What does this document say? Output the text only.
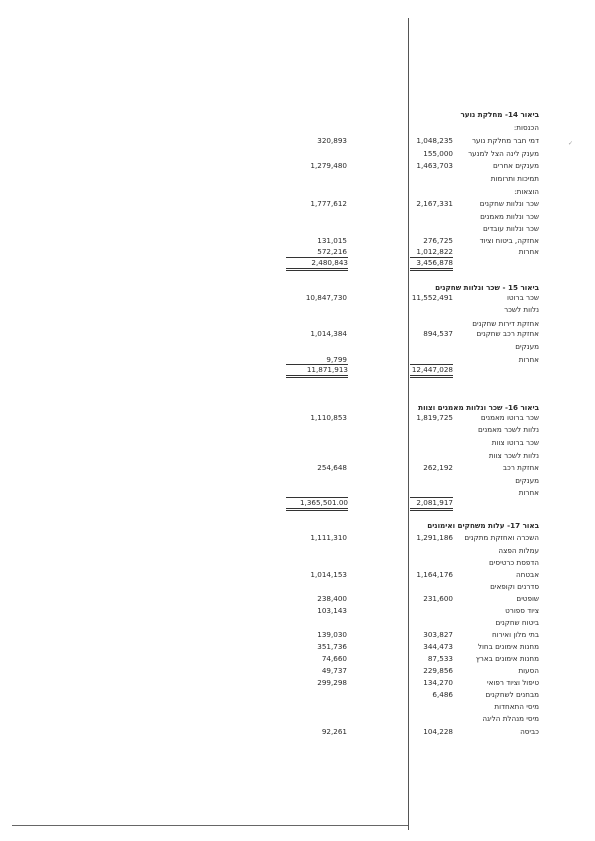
✓
ביאור 14- מחלקת נוער
הכנסות:
דמי חבר מחלקת נוער
1,048,235
320,893
מענק לינה הצל למנער
155,000
מענקים אחרים
1,463,703
1,279,480
תמיכות ותרומות
הוצאות:
שכר ונלוות שחקנים
2,167,331
1,777,612
שכר ונלוות מאמנים
שכר ונלוות עובדים
אחזקה, ביטוח וציוד
276,725
131,015
אחרות
1,012,822
572,216
3,456,878
2,480,843
ביאור 15 - שכר ונלוות שחקנים
שכר ברוטו
11,552,491
10,847,730
נלוות לשכר
אחזקת דירות שחקנים
אחזקת רכב שחקנים
894,537
1,014,384
מענקים
אחרות
9,799
12,447,028
11,871,913
ביאור 16- שכר ונלוות מאמנים וצוות
שכר ברוטו מאמנים
1,819,725
1,110,853
נלוות לשכר מאמנים
שכר ברוטו צוות
נלוות לשכר צוות
אחזקת רכב
262,192
254,648
מענקים
אחרות
2,081,917
1,365,501.00
באור 17- עלות משחקים ואימונים
השכרה ואחזקת מתקנים
1,291,186
1,111,310
עמלות הפצה
הדפסת כרטיסים
אבטחה
1,164,176
1,014,153
סדרנים וקופאים
שופטים
231,600
238,400
ציוד ספורט
103,143
ביטוח שחקנים
בתי מלון ואירוח
303,827
139,030
מחנות אימונים בחול
344,473
351,736
מחנות אימונים בארץ
87,533
74,660
הסעות
229,856
49,737
טיפול וציוד רפואי
134,270
299,298
מבחנים לשחקנים
6,486
מיסי התאחדות
מיסי מנהלת הליגה
כביסה
104,228
92,261
